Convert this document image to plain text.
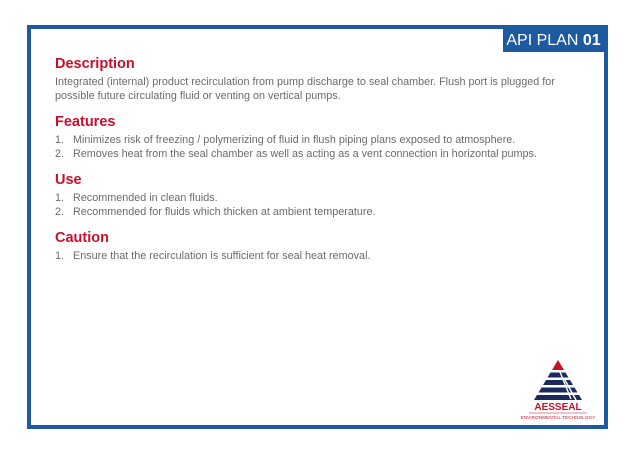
API PLAN 01
Description

Integrated (internal) product recirculation from pump discharge to seal chamber. Flush port is plugged for possible future circulating fluid or venting on vertical pumps.

Features
1. Minimizes risk of freezing / polymerizing of fluid in flush piping plans exposed to atmosphere.
2. Removes heat from the seal chamber as well as acting as a vent connection in horizontal pumps.
Use
1. Recommended in clean fluids.
2. Recommended for fluids which thicken at ambient temperature.
Caution
1. Ensure that the recirculation is sufficient for seal heat removal.
AESSEAL
ENVIRONMENTAL TECHNOLOGY
